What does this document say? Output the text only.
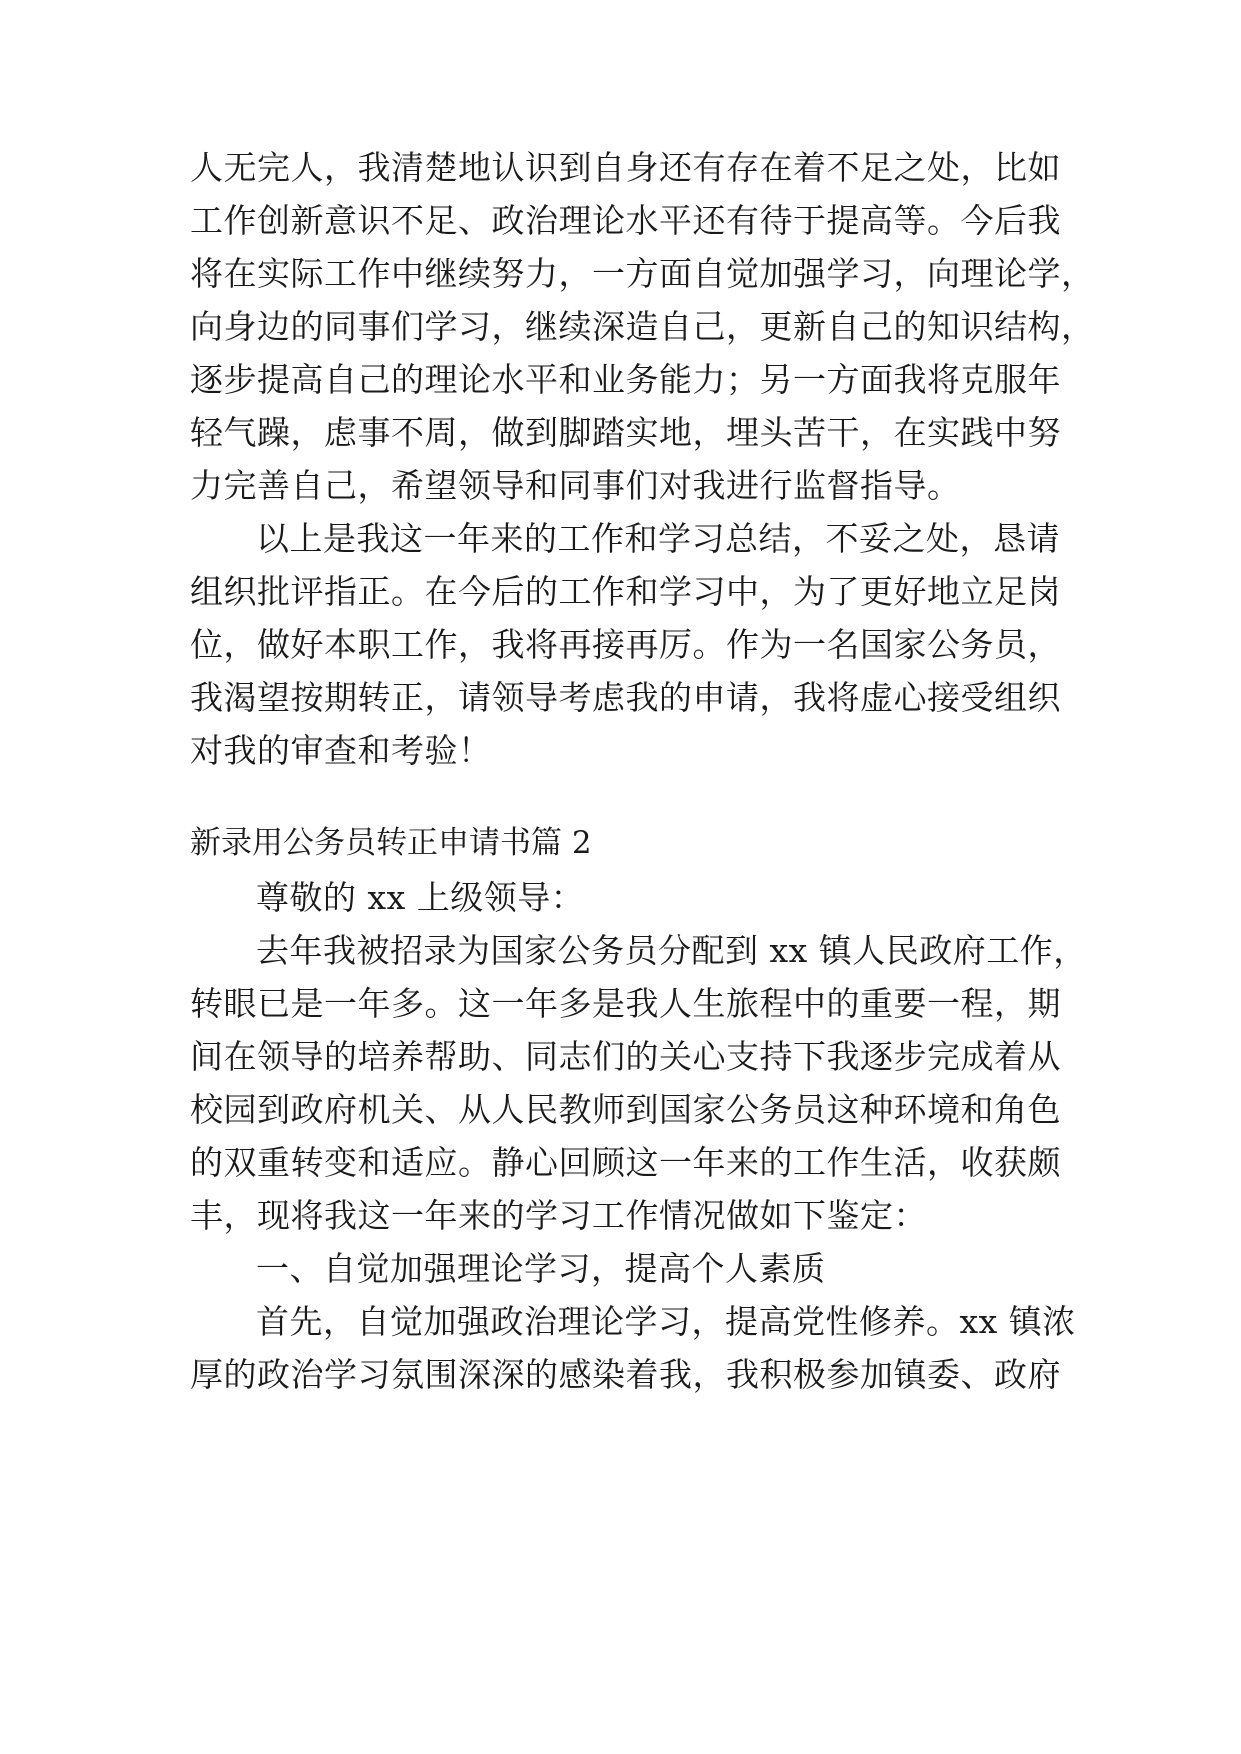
人无完人，我清楚地认识到自身还有存在着不足之处，比如
工作创新意识不足、政治理论水平还有待于提高等。今后我
将在实际工作中继续努力，一方面自觉加强学习，向理论学，
向身边的同事们学习，继续深造自己，更新自己的知识结构，
逐步提高自己的理论水平和业务能力；另一方面我将克服年
轻气躁，虑事不周，做到脚踏实地，埋头苦干，在实践中努
力完善自己，希望领导和同事们对我进行监督指导。
以上是我这一年来的工作和学习总结，不妥之处，恳请
组织批评指正。在今后的工作和学习中，为了更好地立足岗
位，做好本职工作，我将再接再厉。作为一名国家公务员，
我渴望按期转正，请领导考虑我的申请，我将虚心接受组织
对我的审查和考验！
新录用公务员转正申请书篇 2
尊敬的 xx 上级领导：
去年我被招录为国家公务员分配到 xx 镇人民政府工作，
转眼已是一年多。这一年多是我人生旅程中的重要一程，期
间在领导的培养帮助、同志们的关心支持下我逐步完成着从
校园到政府机关、从人民教师到国家公务员这种环境和角色
的双重转变和适应。静心回顾这一年来的工作生活，收获颇
丰，现将我这一年来的学习工作情况做如下鉴定：
一、自觉加强理论学习，提高个人素质
首先，自觉加强政治理论学习，提高党性修养。xx 镇浓
厚的政治学习氛围深深的感染着我，我积极参加镇委、政府
